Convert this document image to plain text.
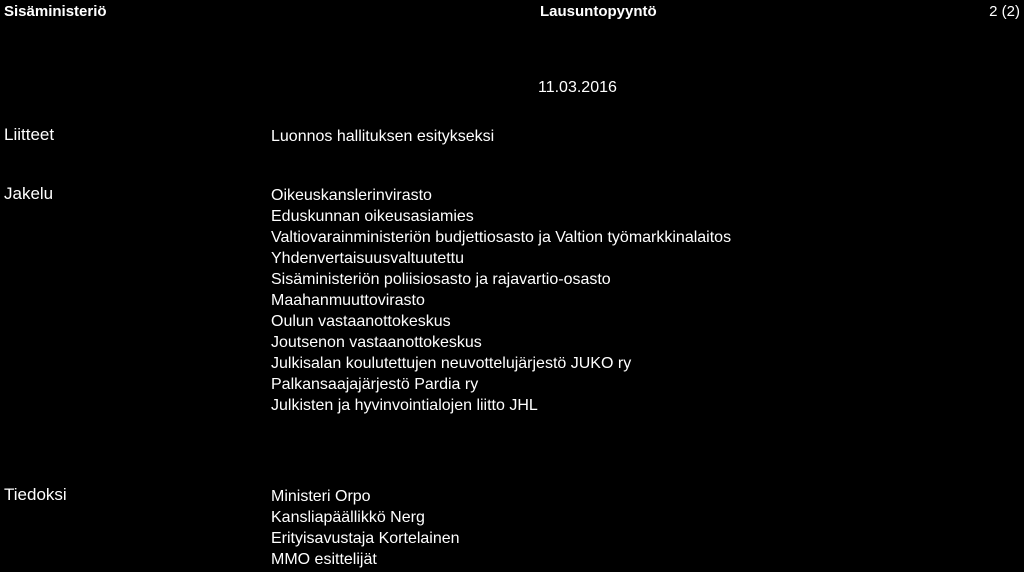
Sisäministeriö	Lausuntopyyntö	2 (2)
11.03.2016
Liitteet	Luonnos hallituksen esitykseksi
Jakelu	Oikeuskanslerinvirasto
Eduskunnan oikeusasiamies
Valtiovarainministeriön budjettiosasto ja Valtion työmarkkinalaitos
Yhdenvertaisuusvaltuutettu
Sisäministeriön poliisiosasto ja rajavartio-osasto
Maahanmuuttovirasto
Oulun vastaanottokeskus
Joutsenon vastaanottokeskus
Julkisalan koulutettujen neuvottelujärjestö JUKO ry
Palkansaajajärjestö Pardia ry
Julkisten ja hyvinvointialojen liitto JHL
Tiedoksi	Ministeri Orpo
Kansliapäällikkö Nerg
Erityisavustaja Kortelainen
MMO esittelijät
